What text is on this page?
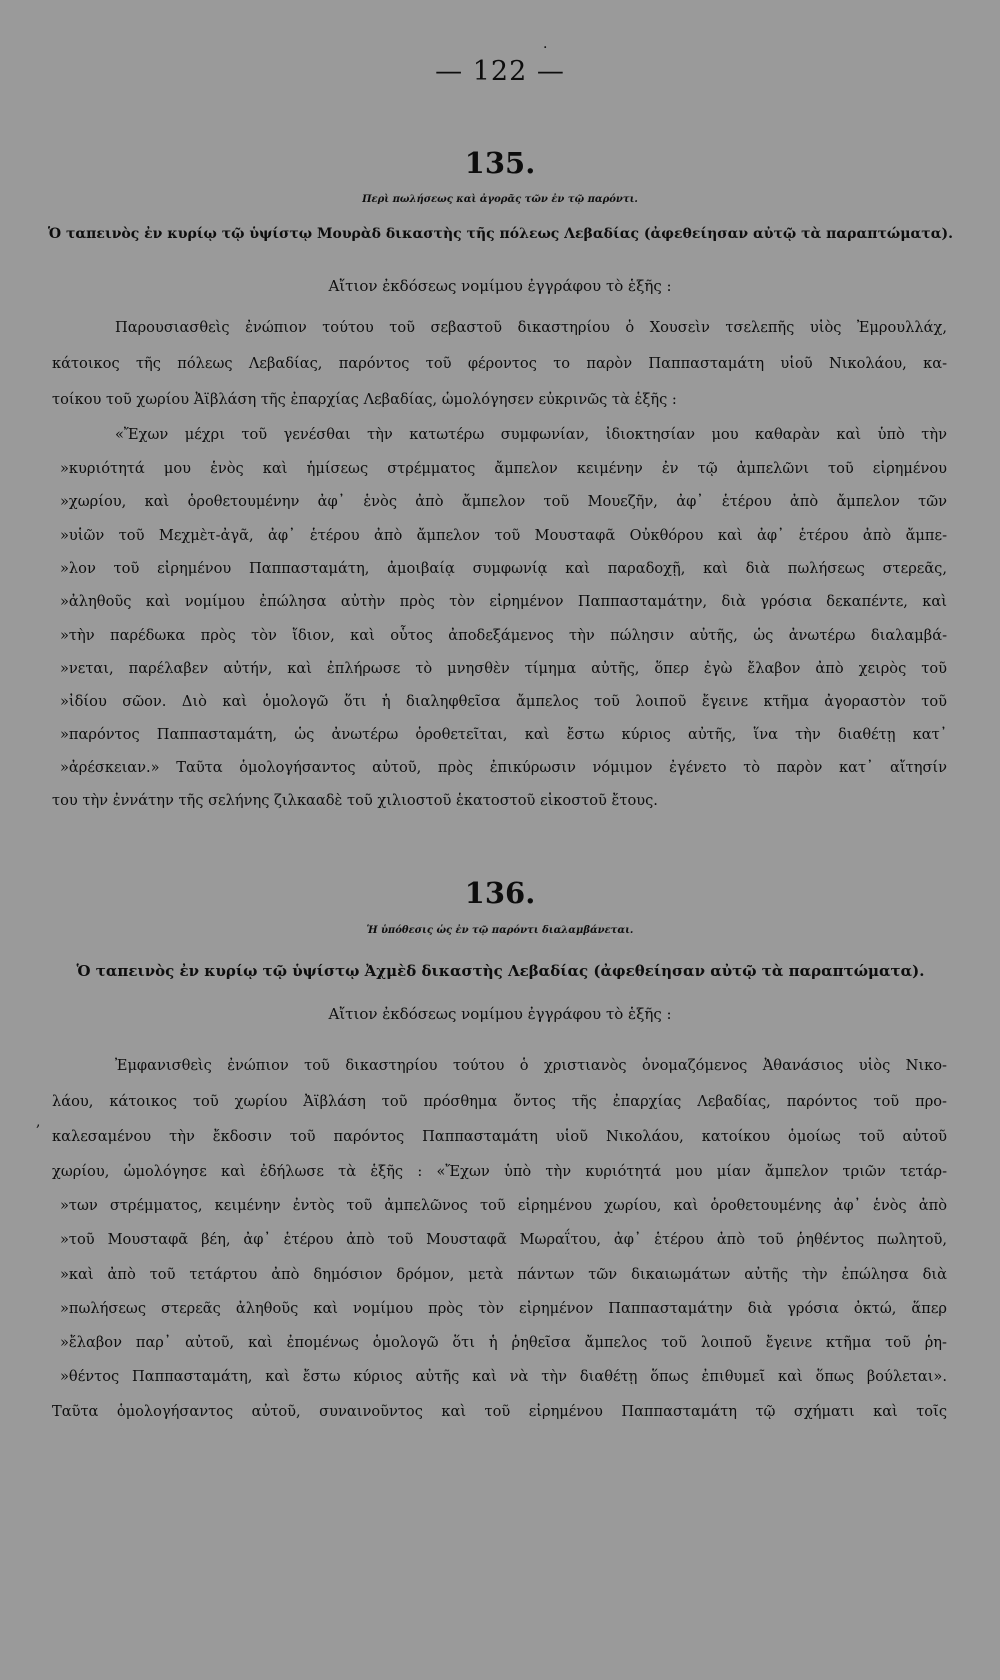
·
— 122 —
135.
Περὶ πωλήσεως καὶ ἀγορᾶς τῶν ἐν τῷ παρόντι.
Ὁ ταπεινὸς ἐν κυρίῳ τῷ ὑψίστῳ Μουρὰδ δικαστὴς τῆς πόλεως Λεβαδίας (ἀφεθείησαν αὐτῷ τὰ παραπτώματα).
Αἴτιον ἐκδόσεως νομίμου ἐγγράφου τὸ ἑξῆς :
Παρουσιασθεὶς ἐνώπιον τούτου τοῦ σεβαστοῦ δικαστηρίου ὁ Χουσεὶν τσελεπῆς υἱὸς Ἐμρουλλάχ,
κάτοικος τῆς πόλεως Λεβαδίας, παρόντος τοῦ φέροντος το παρὸν Παππασταμάτη υἱοῦ Νικολάου, κα-
τοίκου τοῦ χωρίου Ἀϊβλάση τῆς ἐπαρχίας Λεβαδίας, ὡμολόγησεν εὐκρινῶς τὰ ἑξῆς :
«Ἔχων μέχρι τοῦ γενέσθαι τὴν κατωτέρω συμφωνίαν, ἰδιοκτησίαν μου καθαρὰν καὶ ὑπὸ τὴν
»κυριότητά μου ἑνὸς καὶ ἡμίσεως στρέμματος ἄμπελον κειμένην ἐν τῷ ἀμπελῶνι τοῦ εἰρημένου
»χωρίου, καὶ ὁροθετουμένην ἀφ᾽ ἑνὸς ἀπὸ ἄμπελον τοῦ Μουεζῆν, ἀφ᾽ ἑτέρου ἀπὸ ἄμπελον τῶν
»υἱῶν τοῦ Μεχμὲτ-ἀγᾶ, ἀφ᾽ ἑτέρου ἀπὸ ἄμπελον τοῦ Μουσταφᾶ Οὐκθόρου καὶ ἀφ᾽ ἑτέρου ἀπὸ ἄμπε-
»λον τοῦ εἰρημένου Παππασταμάτη, ἀμοιβαίᾳ συμφωνίᾳ καὶ παραδοχῇ, καὶ διὰ πωλήσεως στερεᾶς,
»ἀληθοῦς καὶ νομίμου ἐπώλησα αὐτὴν πρὸς τὸν εἰρημένον Παππασταμάτην, διὰ γρόσια δεκαπέντε, καὶ
»τὴν παρέδωκα πρὸς τὸν ἴδιον, καὶ οὗτος ἀποδεξάμενος τὴν πώλησιν αὐτῆς, ὡς ἀνωτέρω διαλαμβά-
»νεται, παρέλαβεν αὐτήν, καὶ ἐπλήρωσε τὸ μνησθὲν τίμημα αὐτῆς, ὅπερ ἐγὼ ἔλαβον ἀπὸ χειρὸς τοῦ
»ἰδίου σῶον. Διὸ καὶ ὁμολογῶ ὅτι ἡ διαληφθεῖσα ἄμπελος τοῦ λοιποῦ ἔγεινε κτῆμα ἀγοραστὸν τοῦ
»παρόντος Παππασταμάτη, ὡς ἀνωτέρω ὁροθετεῖται, καὶ ἔστω κύριος αὐτῆς, ἵνα τὴν διαθέτῃ κατ᾽
»ἀρέσκειαν.» Ταῦτα ὁμολογήσαντος αὐτοῦ, πρὸς ἐπικύρωσιν νόμιμον ἐγένετο τὸ παρὸν κατ᾽ αἴτησίν
του τὴν ἐννάτην τῆς σελήνης ζιλκααδὲ τοῦ χιλιοστοῦ ἑκατοστοῦ εἰκοστοῦ ἔτους.
136.
Ἡ ὑπόθεσις ὡς ἐν τῷ παρόντι διαλαμβάνεται.
Ὁ ταπεινὸς ἐν κυρίῳ τῷ ὑψίστῳ Ἀχμὲδ δικαστὴς Λεβαδίας (ἀφεθείησαν αὐτῷ τὰ παραπτώματα).
Αἴτιον ἐκδόσεως νομίμου ἐγγράφου τὸ ἑξῆς :
Ἐμφανισθεὶς ἐνώπιον τοῦ δικαστηρίου τούτου ὁ χριστιανὸς ὀνομαζόμενος Ἀθανάσιος υἱὸς Νικο-
λάου, κάτοικος τοῦ χωρίου Ἀϊβλάση τοῦ πρόσθημα ὄντος τῆς ἐπαρχίας Λεβαδίας, παρόντος τοῦ προ-
,
καλεσαμένου τὴν ἔκδοσιν τοῦ παρόντος Παππασταμάτη υἱοῦ Νικολάου, κατοίκου ὁμοίως τοῦ αὐτοῦ
χωρίου, ὡμολόγησε καὶ ἐδήλωσε τὰ ἑξῆς : «Ἔχων ὑπὸ τὴν κυριότητά μου μίαν ἄμπελον τριῶν τετάρ-
»των στρέμματος, κειμένην ἐντὸς τοῦ ἀμπελῶνος τοῦ εἰρημένου χωρίου, καὶ ὁροθετουμένης ἀφ᾽ ἑνὸς ἀπὸ
»τοῦ Μουσταφᾶ βέη, ἀφ᾽ ἑτέρου ἀπὸ τοῦ Μουσταφᾶ Μωραΐτου, ἀφ᾽ ἑτέρου ἀπὸ τοῦ ῥηθέντος πωλητοῦ,
»καὶ ἀπὸ τοῦ τετάρτου ἀπὸ δημόσιον δρόμον, μετὰ πάντων τῶν δικαιωμάτων αὐτῆς τὴν ἐπώλησα διὰ
»πωλήσεως στερεᾶς ἀληθοῦς καὶ νομίμου πρὸς τὸν εἰρημένον Παππασταμάτην διὰ γρόσια ὀκτώ, ἅπερ
»ἔλαβον παρ᾽ αὐτοῦ, καὶ ἐπομένως ὁμολογῶ ὅτι ἡ ῥηθεῖσα ἄμπελος τοῦ λοιποῦ ἔγεινε κτῆμα τοῦ ῥη-
»θέντος Παππασταμάτη, καὶ ἔστω κύριος αὐτῆς καὶ νὰ τὴν διαθέτῃ ὅπως ἐπιθυμεῖ καὶ ὅπως βούλεται».
Ταῦτα ὁμολογήσαντος αὐτοῦ, συναινοῦντος καὶ τοῦ εἰρημένου Παππασταμάτη τῷ σχήματι καὶ τοῖς
